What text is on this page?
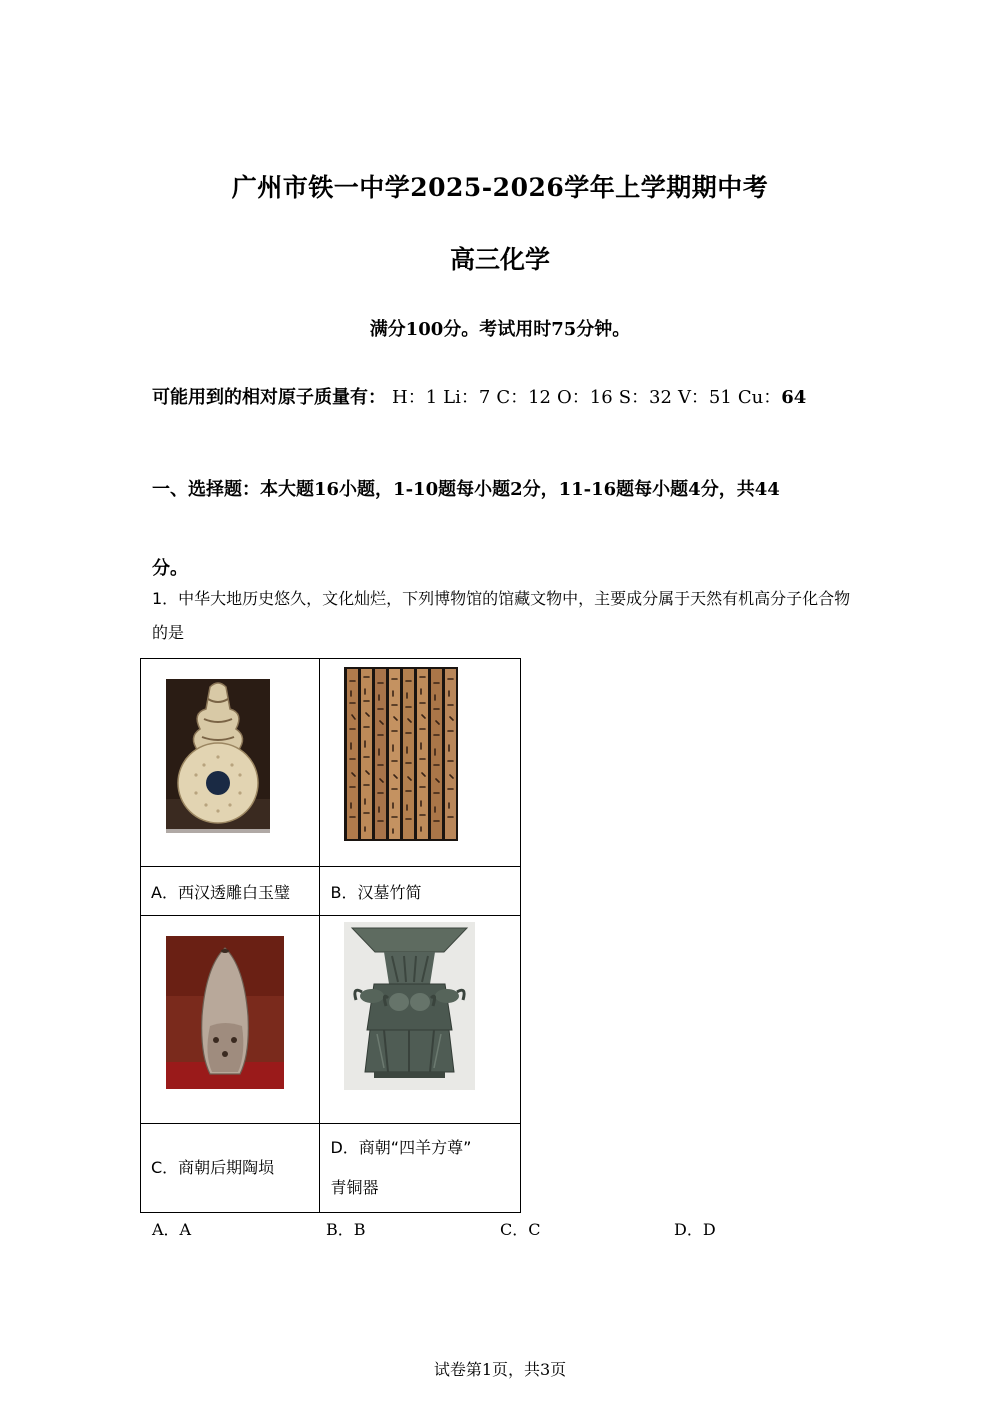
广州市铁一中学2025-2026学年上学期期中考
高三化学
满分100分。考试用时75分钟。
可能用到的相对原子质量有： H：1 Li：7 C：12 O：16 S：32 V：51 Cu：64
一、选择题：本大题16小题，1-10题每小题2分，11-16题每小题4分，共44
分。
1．中华大地历史悠久，文化灿烂，下列博物馆的馆藏文物中，主要成分属于天然有机高分子化合物的是

A．西汉透雕白玉璧	B．汉墓竹简

C．商朝后期陶埙	D．商朝“四羊方尊”
青铜器
A．A	B．B	C．C	D．D
试卷第1页，共3页
